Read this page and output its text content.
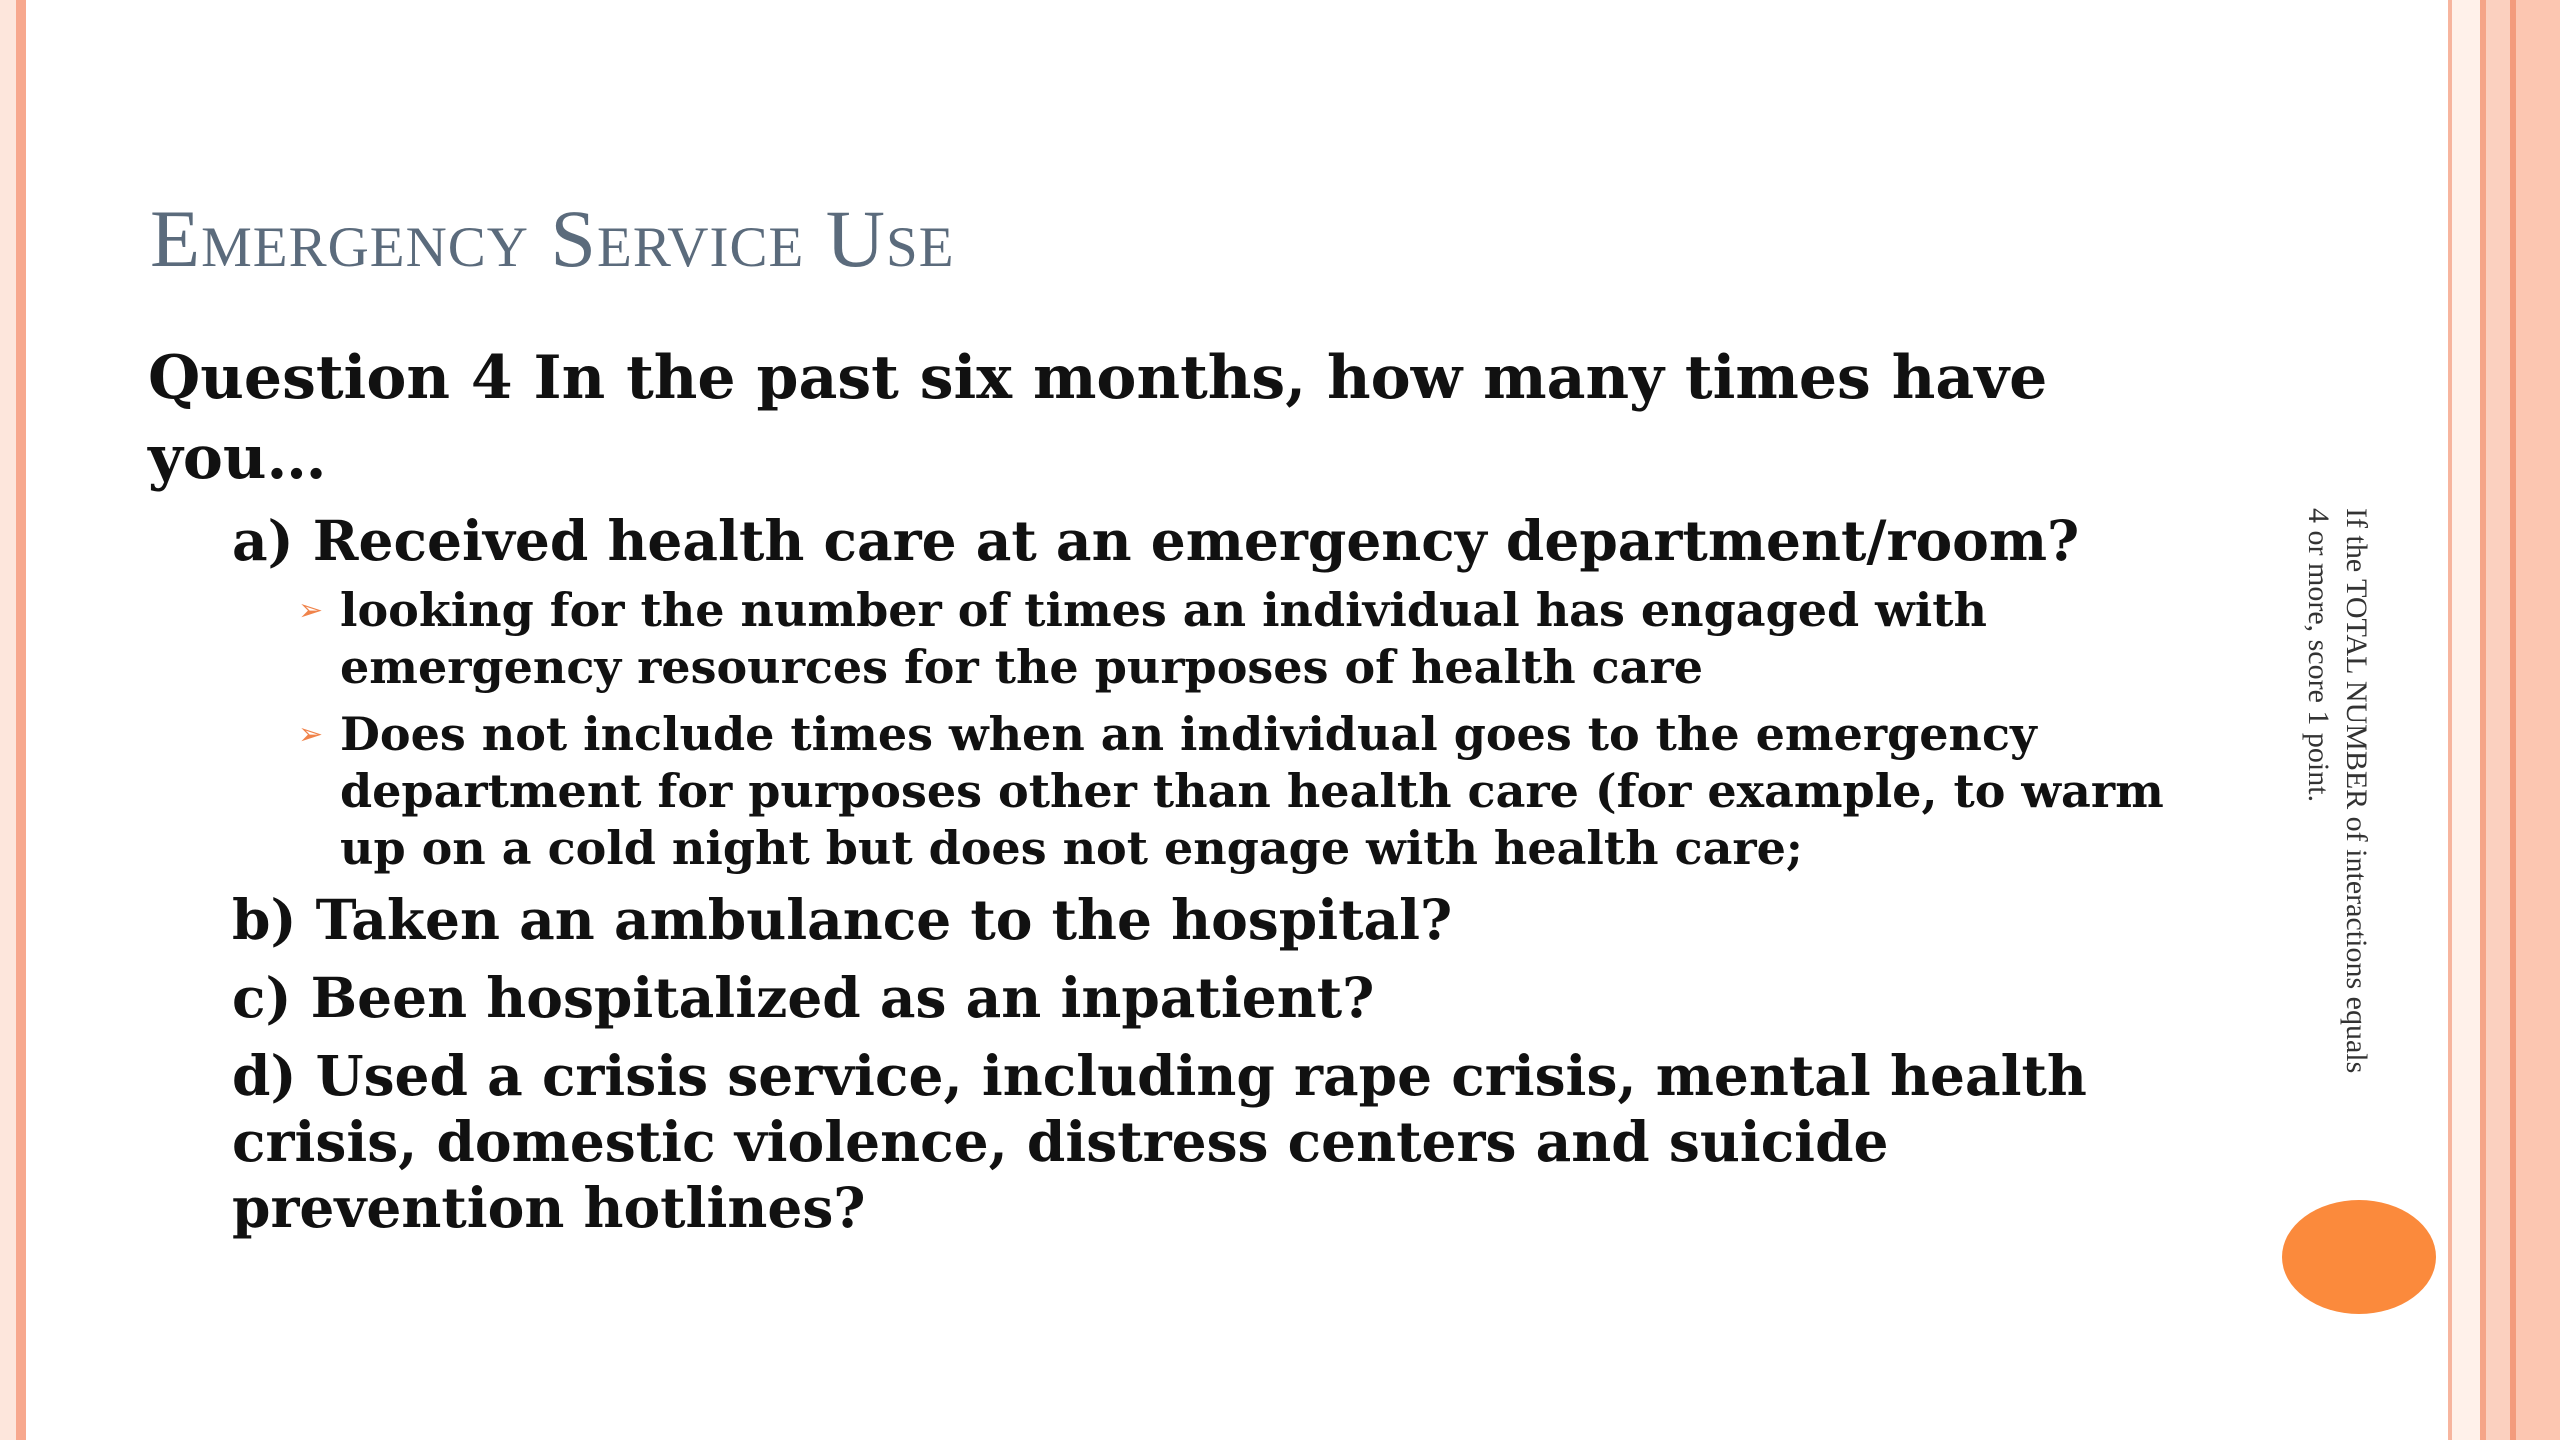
Emergency Service Use

Question 4 In the past six months, how many times have you…

a) Received health care at an emergency department/room?

➢ looking for the number of times an individual has engaged with emergency resources for the purposes of health care
➢ Does not include times when an individual goes to the emergency department for purposes other than health care (for example, to warm up on a cold night but does not engage with health care;

b) Taken an ambulance to the hospital?

c) Been hospitalized as an inpatient?

d) Used a crisis service, including rape crisis, mental health crisis, domestic violence, distress centers and suicide prevention hotlines?

If the TOTAL NUMBER of interactions equals 4 or more, score 1 point.
